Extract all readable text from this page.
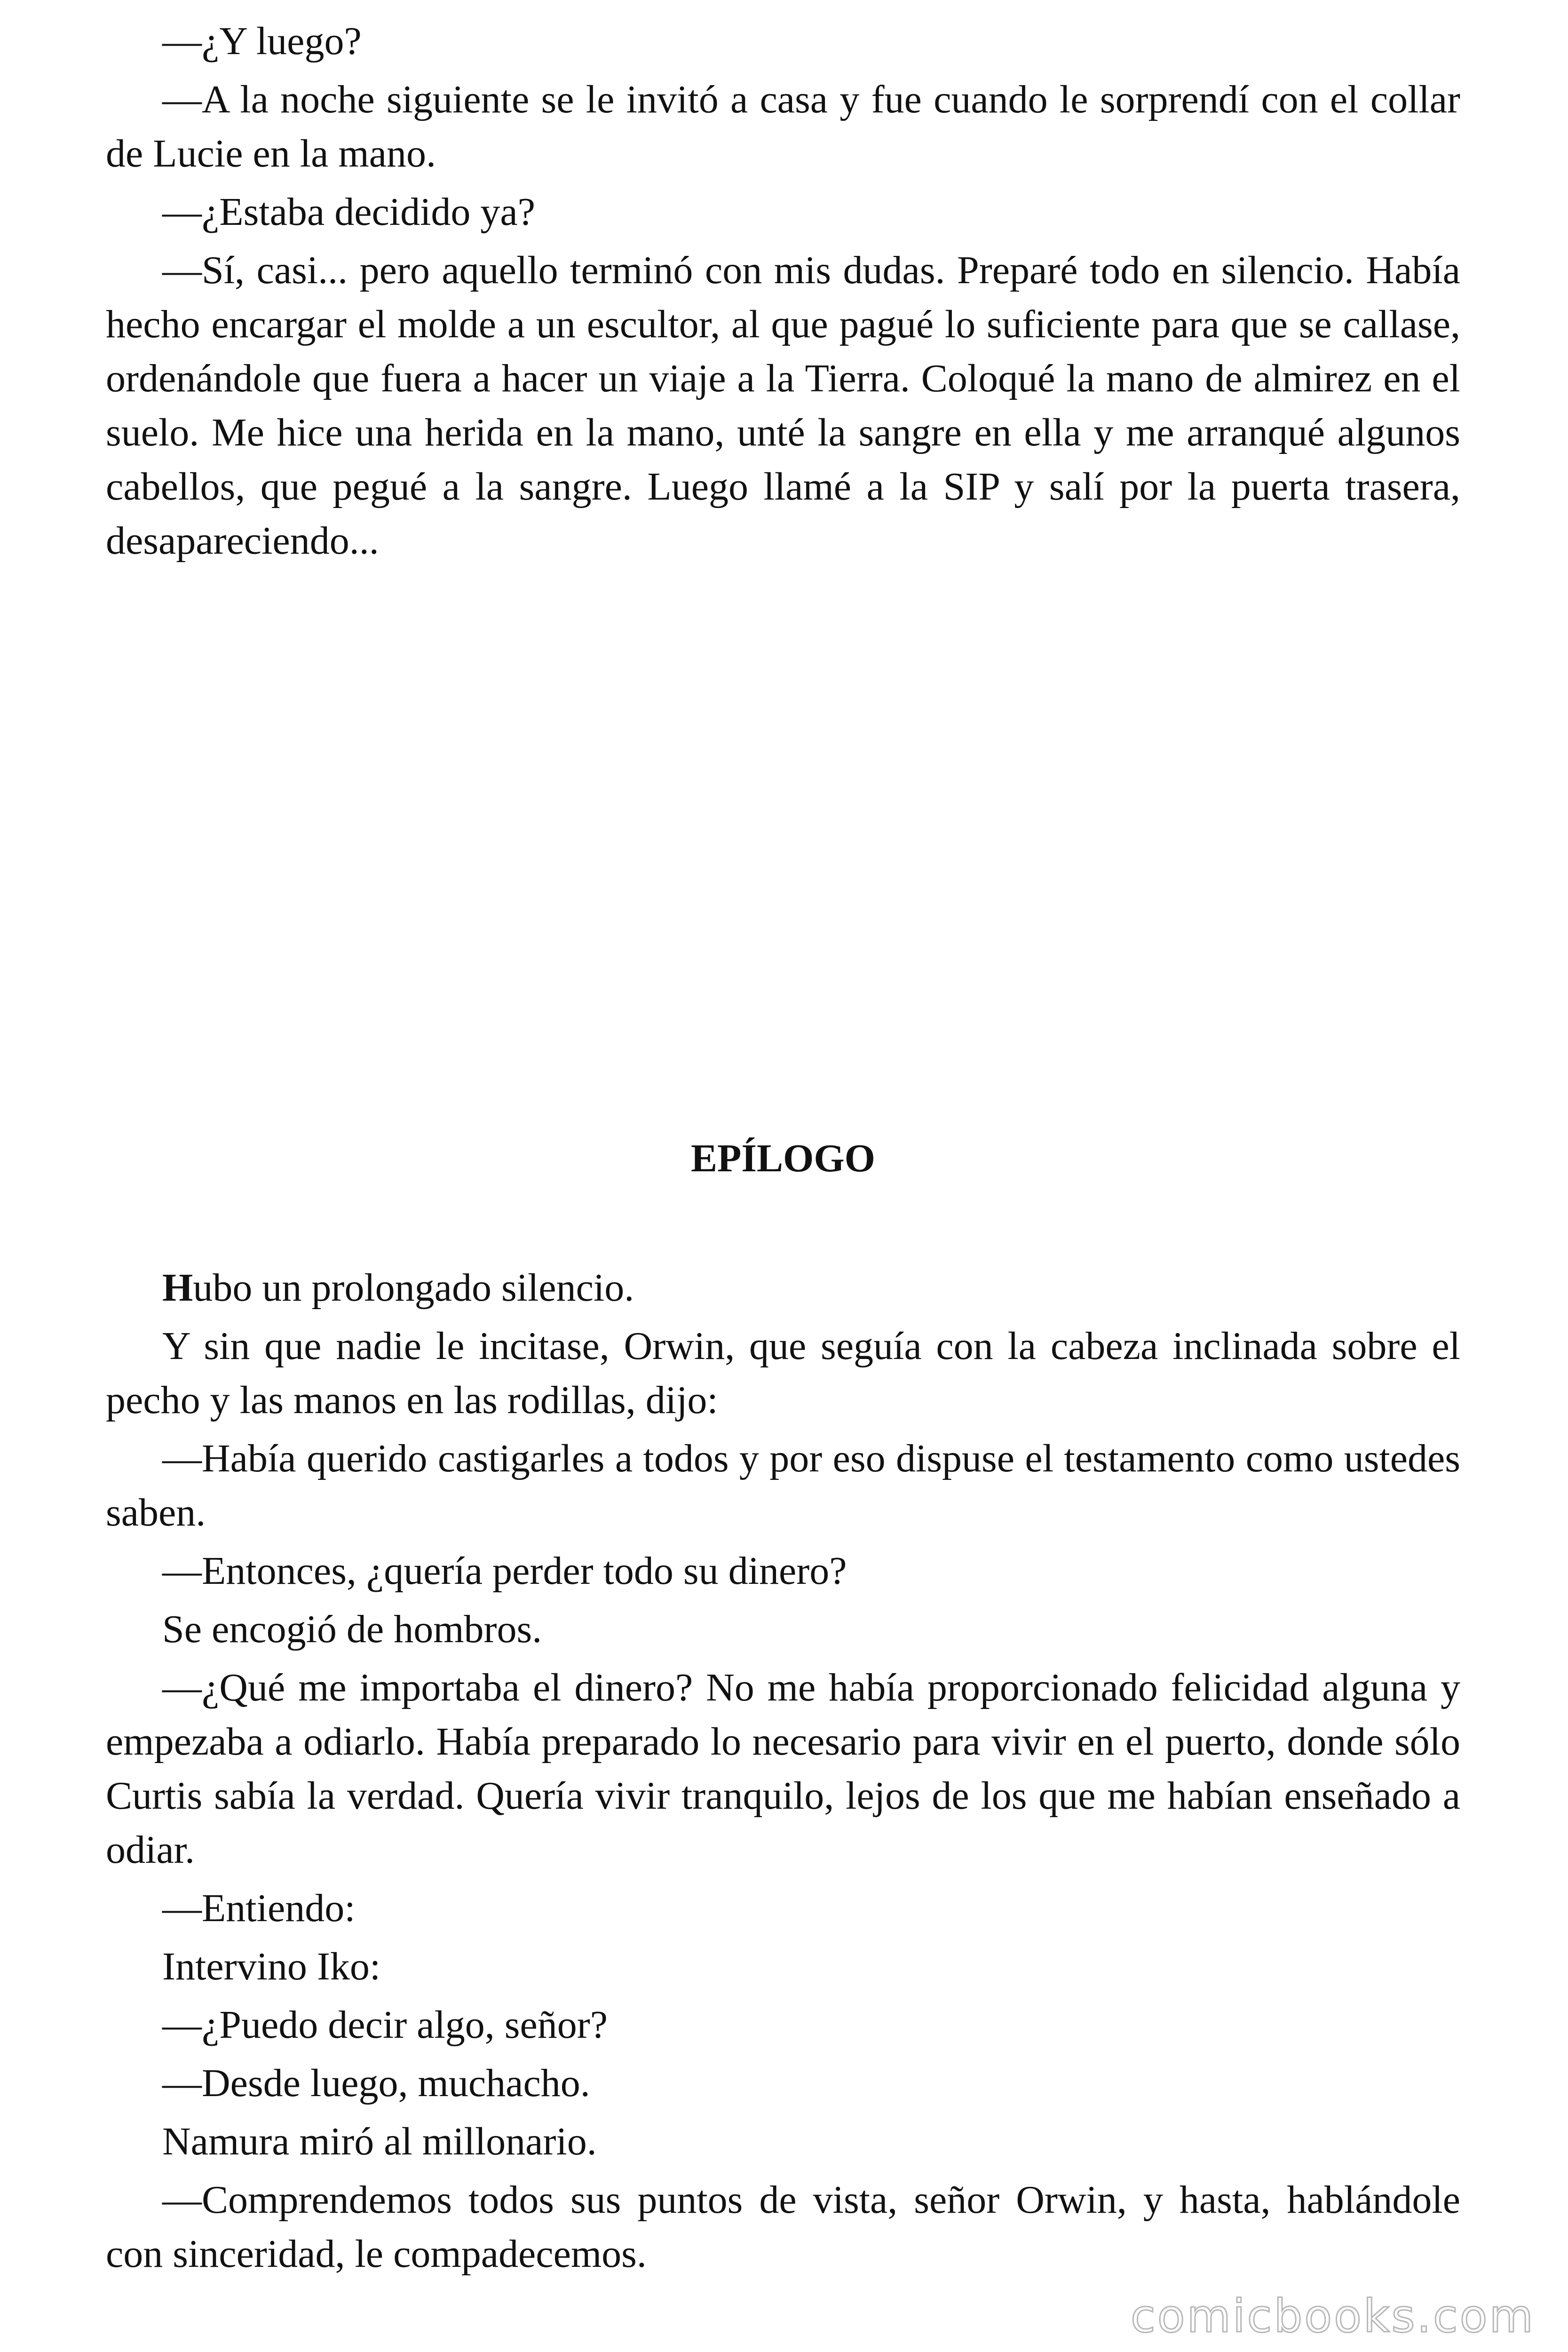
—¿Y luego?

—A la noche siguiente se le invitó a casa y fue cuando le sorprendí con el collar de Lucie en la mano.

—¿Estaba decidido ya?

—Sí, casi... pero aquello terminó con mis dudas. Preparé todo en silencio. Había hecho encargar el molde a un escultor, al que pagué lo suficiente para que se callase, ordenándole que fuera a hacer un viaje a la Tierra. Coloqué la mano de almirez en el suelo. Me hice una herida en la mano, unté la sangre en ella y me arranqué algunos cabellos, que pegué a la sangre. Luego llamé a la SIP y salí por la puerta trasera, desapareciendo...

EPÍLOGO

Hubo un prolongado silencio.

Y sin que nadie le incitase, Orwin, que seguía con la cabeza inclinada sobre el pecho y las manos en las rodillas, dijo:

—Había querido castigarles a todos y por eso dispuse el testamento como ustedes saben.

—Entonces, ¿quería perder todo su dinero?

Se encogió de hombros.

—¿Qué me importaba el dinero? No me había proporcionado felicidad alguna y empezaba a odiarlo. Había preparado lo necesario para vivir en el puerto, donde sólo Curtis sabía la verdad. Quería vivir tranquilo, lejos de los que me habían enseñado a odiar.

—Entiendo:

Intervino Iko:

—¿Puedo decir algo, señor?

—Desde luego, muchacho.

Namura miró al millonario.

—Comprendemos todos sus puntos de vista, señor Orwin, y hasta, hablándole con sinceridad, le compadecemos.

comicbooks.com
